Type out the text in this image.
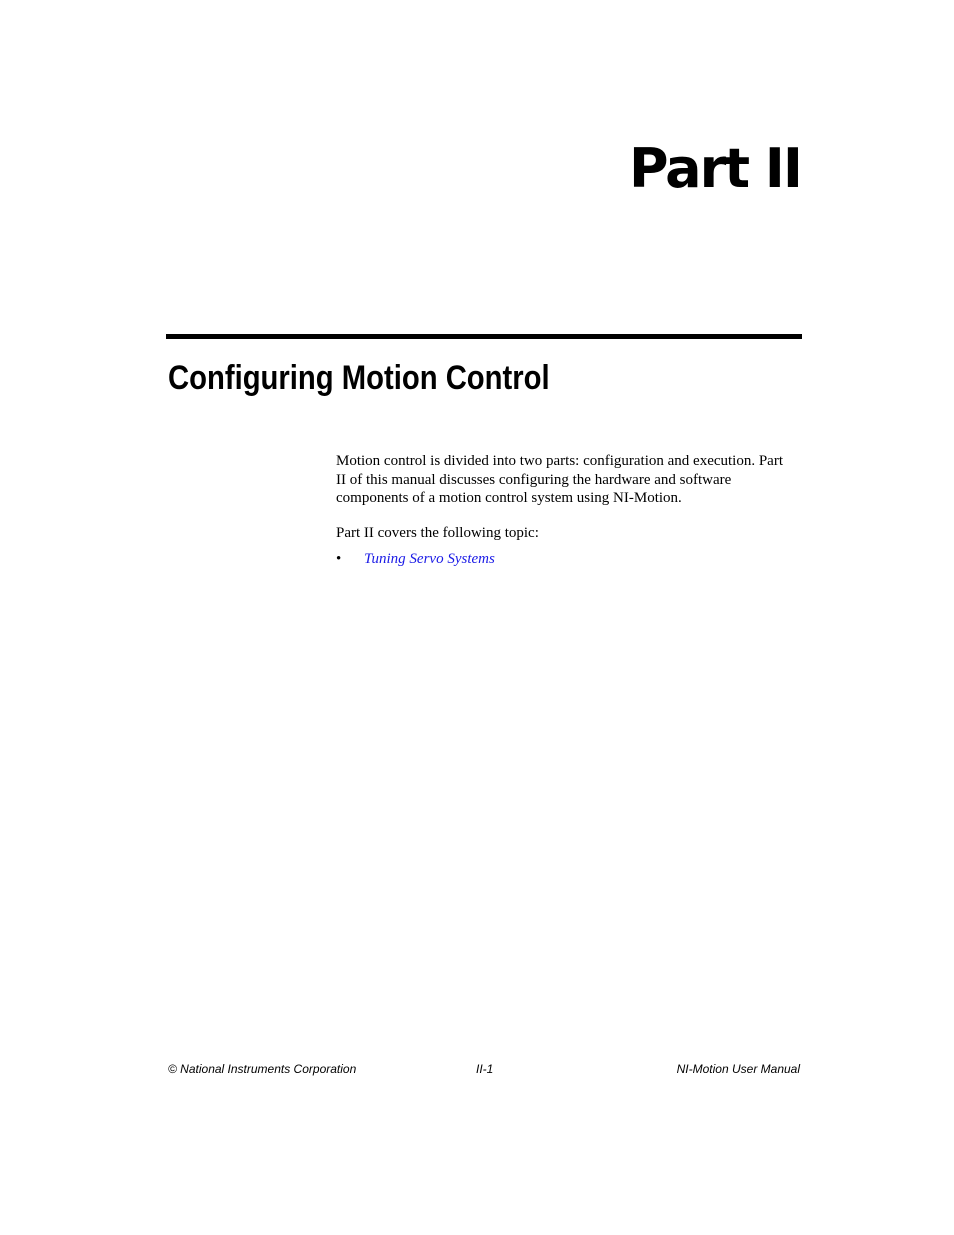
Part II
Configuring Motion Control

Motion control is divided into two parts: configuration and execution. Part II of this manual discusses configuring the hardware and software components of a motion control system using NI-Motion.

Part II covers the following topic:

•	Tuning Servo Systems
© National Instruments Corporation	II-1	NI-Motion User Manual
